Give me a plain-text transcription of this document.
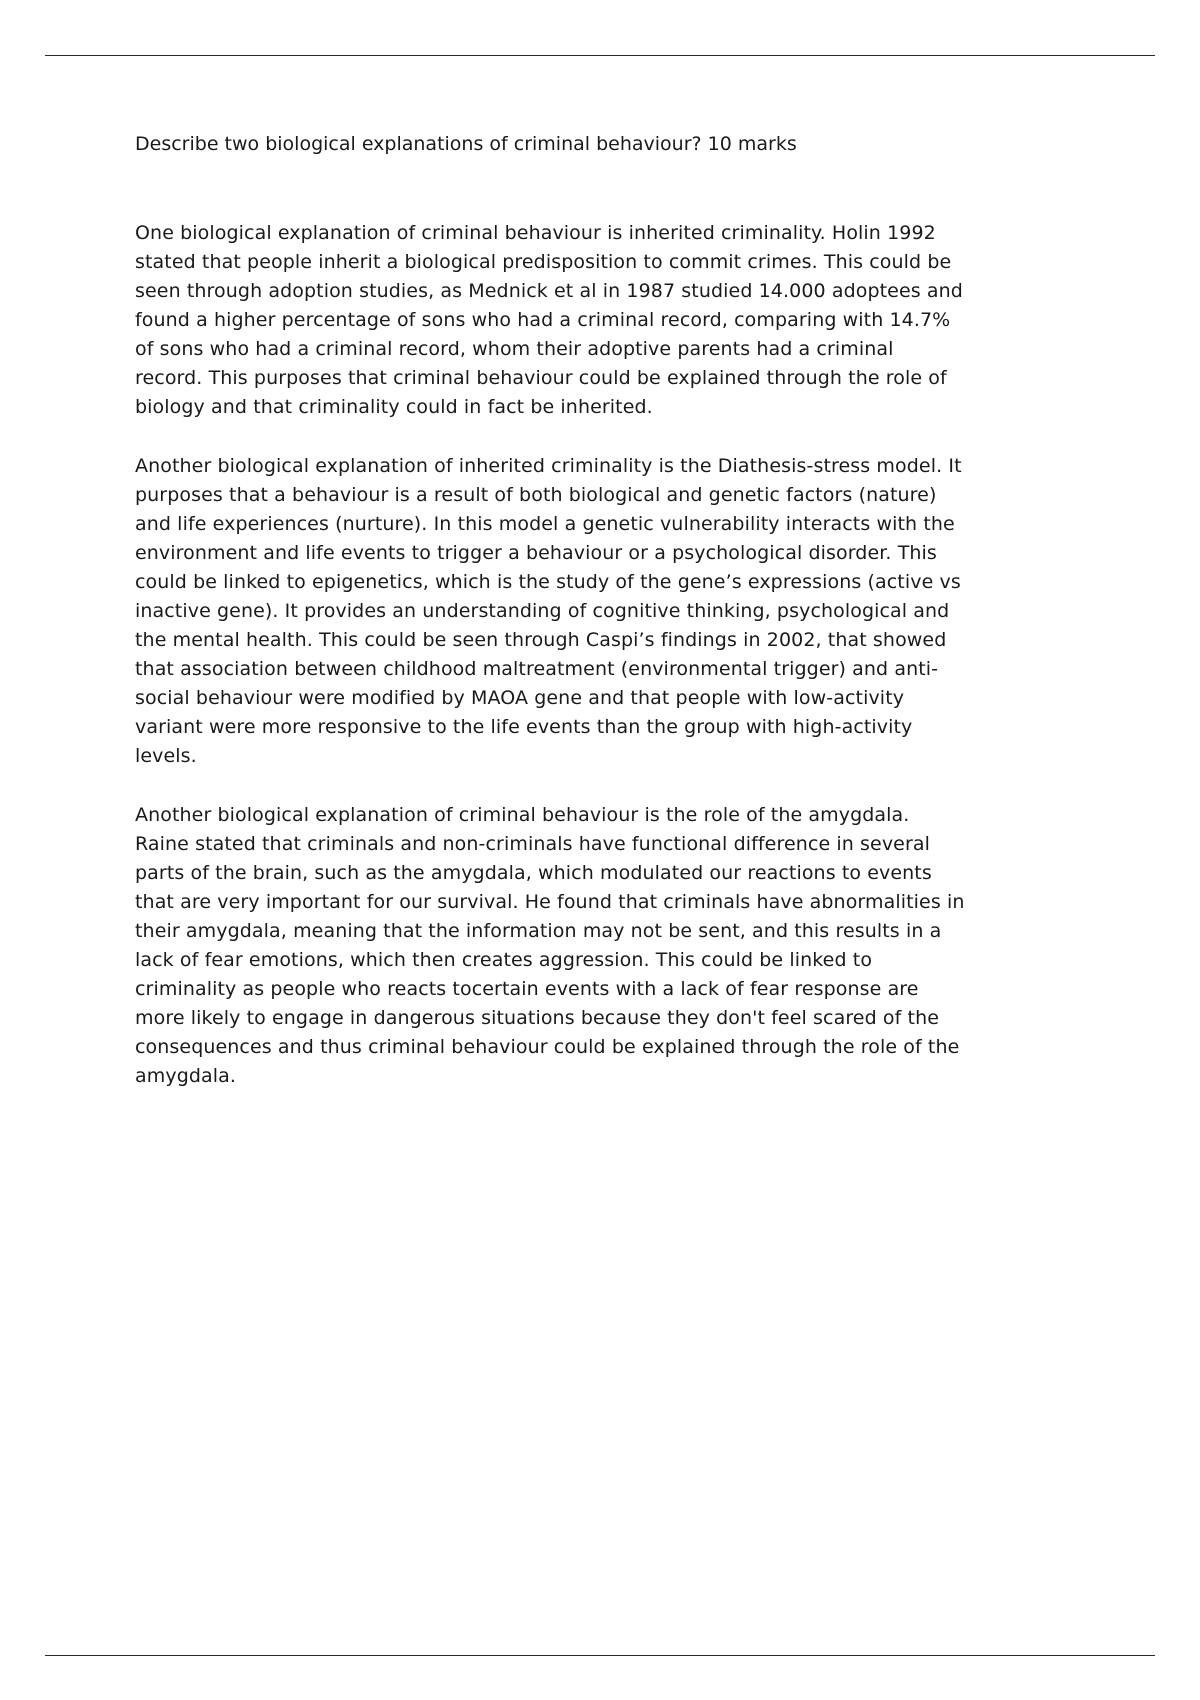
Describe two biological explanations of criminal behaviour? 10 marks

One biological explanation of criminal behaviour is inherited criminality. Holin 1992 stated that people inherit a biological predisposition to commit crimes. This could be seen through adoption studies, as Mednick et al in 1987 studied 14.000 adoptees and found a higher percentage of sons who had a criminal record, comparing with 14.7% of sons who had a criminal record, whom their adoptive parents had a criminal record. This purposes that criminal behaviour could be explained through the role of biology and that criminality could in fact be inherited.

Another biological explanation of inherited criminality is the Diathesis-stress model. It purposes that a behaviour is a result of both biological and genetic factors (nature) and life experiences (nurture). In this model a genetic vulnerability interacts with the environment and life events to trigger a behaviour or a psychological disorder. This could be linked to epigenetics, which is the study of the gene’s expressions (active vs inactive gene). It provides an understanding of cognitive thinking, psychological and the mental health. This could be seen through Caspi’s findings in 2002, that showed that association between childhood maltreatment (environmental trigger) and anti-social behaviour were modified by MAOA gene and that people with low-activity variant were more responsive to the life events than the group with high-activity levels.

Another biological explanation of criminal behaviour is the role of the amygdala. Raine stated that criminals and non-criminals have functional difference in several parts of the brain, such as the amygdala, which modulated our reactions to events that are very important for our survival. He found that criminals have abnormalities in their amygdala, meaning that the information may not be sent, and this results in a lack of fear emotions, which then creates aggression. This could be linked to criminality as people who reacts tocertain events with a lack of fear response are more likely to engage in dangerous situations because they don't feel scared of the consequences and thus criminal behaviour could be explained through the role of the amygdala.
